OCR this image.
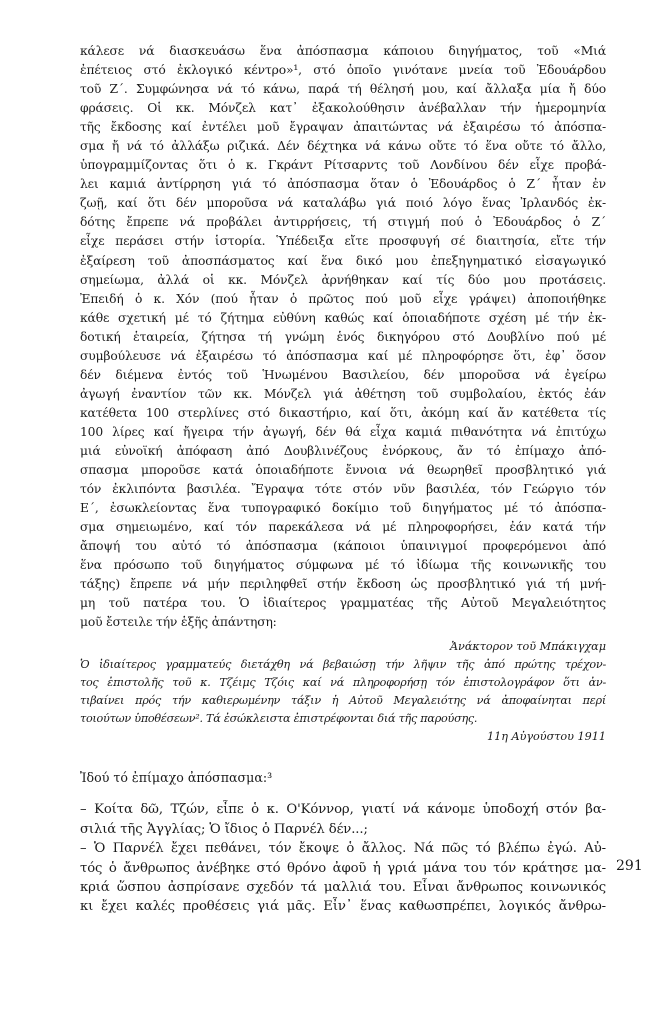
κάλεσε νά διασκευάσω ἕνα ἀπόσπασμα κάποιου διηγήματος, τοῦ «Μιά
ἐπέτειος στό ἐκλογικό κέντρο»¹, στό ὁποῖο γινότανε μνεία τοῦ Ἐδουάρδου
τοῦ Ζ΄. Συμφώνησα νά τό κάνω, παρά τή θέλησή μου, καί ἄλλαξα μία ἤ δύο
φράσεις. Οἱ κκ. Μόνζελ κατ᾽ ἐξακολούθησιν ἀνέβαλλαν τήν ἡμερομηνία
τῆς ἔκδοσης καί ἐντέλει μοῦ ἔγραψαν ἀπαιτώντας νά ἐξαιρέσω τό ἀπόσπα-
σμα ἤ νά τό ἀλλάξω ριζικά. Δέν δέχτηκα νά κάνω οὔτε τό ἕνα οὔτε τό ἄλλο,
ὑπογραμμίζοντας ὅτι ὁ κ. Γκράντ Ρίτσαρντς τοῦ Λονδίνου δέν εἶχε προβά-
λει καμιά ἀντίρρηση γιά τό ἀπόσπασμα ὅταν ὁ Ἐδουάρδος ὁ Ζ΄ ἦταν ἐν
ζωῇ, καί ὅτι δέν μποροῦσα νά καταλάβω γιά ποιό λόγο ἕνας Ἰρλανδός ἐκ-
δότης ἔπρεπε νά προβάλει ἀντιρρήσεις, τή στιγμή πού ὁ Ἐδουάρδος ὁ Ζ΄
εἶχε περάσει στήν ἱστορία. Ὑπέδειξα εἴτε προσφυγή σέ διαιτησία, εἴτε τήν
ἐξαίρεση τοῦ ἀποσπάσματος καί ἕνα δικό μου ἐπεξηγηματικό εἰσαγωγικό
σημείωμα, ἀλλά οἱ κκ. Μόνζελ ἀρνήθηκαν καί τίς δύο μου προτάσεις.
Ἐπειδή ὁ κ. Χόν (πού ἦταν ὁ πρῶτος πού μοῦ εἶχε γράψει) ἀποποιήθηκε
κάθε σχετική μέ τό ζήτημα εὐθύνη καθώς καί ὁποιαδήποτε σχέση μέ τήν ἐκ-
δοτική ἑταιρεία, ζήτησα τή γνώμη ἑνός δικηγόρου στό Δουβλίνο πού μέ
συμβούλευσε νά ἐξαιρέσω τό ἀπόσπασμα καί μέ πληροφόρησε ὅτι, ἐφ᾽ ὅσον
δέν διέμενα ἐντός τοῦ Ἡνωμένου Βασιλείου, δέν μποροῦσα νά ἐγείρω
ἀγωγή ἐναντίον τῶν κκ. Μόνζελ γιά ἀθέτηση τοῦ συμβολαίου, ἐκτός ἐάν
κατέθετα 100 στερλίνες στό δικαστήριο, καί ὅτι, ἀκόμη καί ἄν κατέθετα τίς
100 λίρες καί ἤγειρα τήν ἀγωγή, δέν θά εἶχα καμιά πιθανότητα νά ἐπιτύχω
μιά εὐνοϊκή ἀπόφαση ἀπό Δουβλινέζους ἐνόρκους, ἄν τό ἐπίμαχο ἀπό-
σπασμα μποροῦσε κατά ὁποιαδήποτε ἔννοια νά θεωρηθεῖ προσβλητικό γιά
τόν ἐκλιπόντα βασιλέα. Ἔγραψα τότε στόν νῦν βασιλέα, τόν Γεώργιο τόν
Ε΄, ἐσωκλείοντας ἕνα τυπογραφικό δοκίμιο τοῦ διηγήματος μέ τό ἀπόσπα-
σμα σημειωμένο, καί τόν παρεκάλεσα νά μέ πληροφορήσει, ἐάν κατά τήν
ἄποψή του αὐτό τό ἀπόσπασμα (κάποιοι ὑπαινιγμοί προφερόμενοι ἀπό
ἕνα πρόσωπο τοῦ διηγήματος σύμφωνα μέ τό ἰδίωμα τῆς κοινωνικῆς του
τάξης) ἔπρεπε νά μήν περιληφθεῖ στήν ἔκδοση ὡς προσβλητικό γιά τή μνή-
μη τοῦ πατέρα του. Ὁ ἰδιαίτερος γραμματέας τῆς Αὐτοῦ Μεγαλειότητος
μοῦ ἔστειλε τήν ἑξῆς ἀπάντηση:
Ἀνάκτορον τοῦ Μπάκιγχαμ
Ὁ ἰδιαίτερος γραμματεύς διετάχθη νά βεβαιώσῃ τήν λῆψιν τῆς ἀπό πρώτης τρέχον-
τος ἐπιστολῆς τοῦ κ. Τζέιμς Τζόις καί νά πληροφορήσῃ τόν ἐπιστολογράφον ὅτι ἀν-
τιβαίνει πρός τήν καθιερωμένην τάξιν ἡ Αὐτοῦ Μεγαλειότης νά ἀποφαίνηται περί
τοιούτων ὑποθέσεων². Τά ἐσώκλειστα ἐπιστρέφονται διά τῆς παρούσης.
11η Αὐγούστου 1911
Ἰδού τό ἐπίμαχο ἀπόσπασμα:³
– Κοίτα δῶ, Τζών, εἶπε ὁ κ. Ο'Κόννορ, γιατί νά κάνομε ὑποδοχή στόν βα-
σιλιά τῆς Ἀγγλίας; Ὁ ἴδιος ὁ Παρνέλ δέν...;
– Ὁ Παρνέλ ἔχει πεθάνει, τόν ἔκοψε ὁ ἄλλος. Νά πῶς τό βλέπω ἐγώ. Αὐ-
τός ὁ ἄνθρωπος ἀνέβηκε στό θρόνο ἀφοῦ ἡ γριά μάνα του τόν κράτησε μα-
κριά ὥσπου ἀσπρίσανε σχεδόν τά μαλλιά του. Εἶναι ἄνθρωπος κοινωνικός
κι ἔχει καλές προθέσεις γιά μᾶς. Εἶν᾽ ἕνας καθωσπρέπει, λογικός ἄνθρω-
291
